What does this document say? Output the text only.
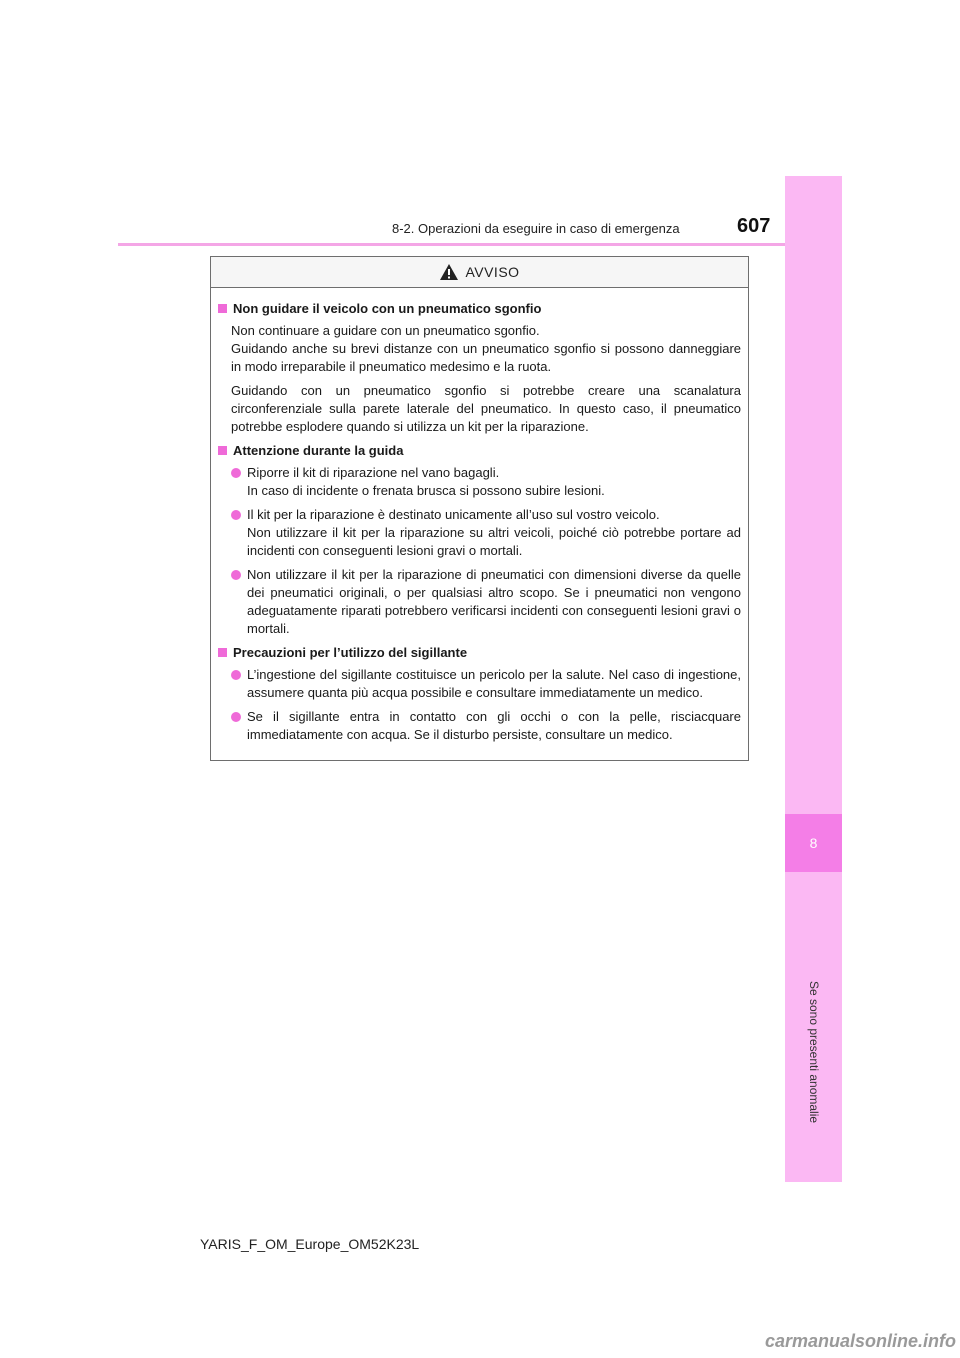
8-2. Operazioni da eseguire in caso di emergenza	607
8
Se sono presenti anomalie
AVVISO
Non guidare il veicolo con un pneumatico sgonfio
Non continuare a guidare con un pneumatico sgonfio.
Guidando anche su brevi distanze con un pneumatico sgonfio si possono danneggiare in modo irreparabile il pneumatico medesimo e la ruota.
Guidando con un pneumatico sgonfio si potrebbe creare una scanalatura circonferenziale sulla parete laterale del pneumatico. In questo caso, il pneumatico potrebbe esplodere quando si utilizza un kit per la riparazione.
Attenzione durante la guida
Riporre il kit di riparazione nel vano bagagli.
In caso di incidente o frenata brusca si possono subire lesioni.
Il kit per la riparazione è destinato unicamente all’uso sul vostro veicolo.
Non utilizzare il kit per la riparazione su altri veicoli, poiché ciò potrebbe portare ad incidenti con conseguenti lesioni gravi o mortali.
Non utilizzare il kit per la riparazione di pneumatici con dimensioni diverse da quelle dei pneumatici originali, o per qualsiasi altro scopo. Se i pneumatici non vengono adeguatamente riparati potrebbero verificarsi incidenti con conseguenti lesioni gravi o mortali.
Precauzioni per l’utilizzo del sigillante
L’ingestione del sigillante costituisce un pericolo per la salute. Nel caso di ingestione, assumere quanta più acqua possibile e consultare immediatamente un medico.
Se il sigillante entra in contatto con gli occhi o con la pelle, risciacquare immediatamente con acqua. Se il disturbo persiste, consultare un medico.
YARIS_F_OM_Europe_OM52K23L
carmanualsonline.info
